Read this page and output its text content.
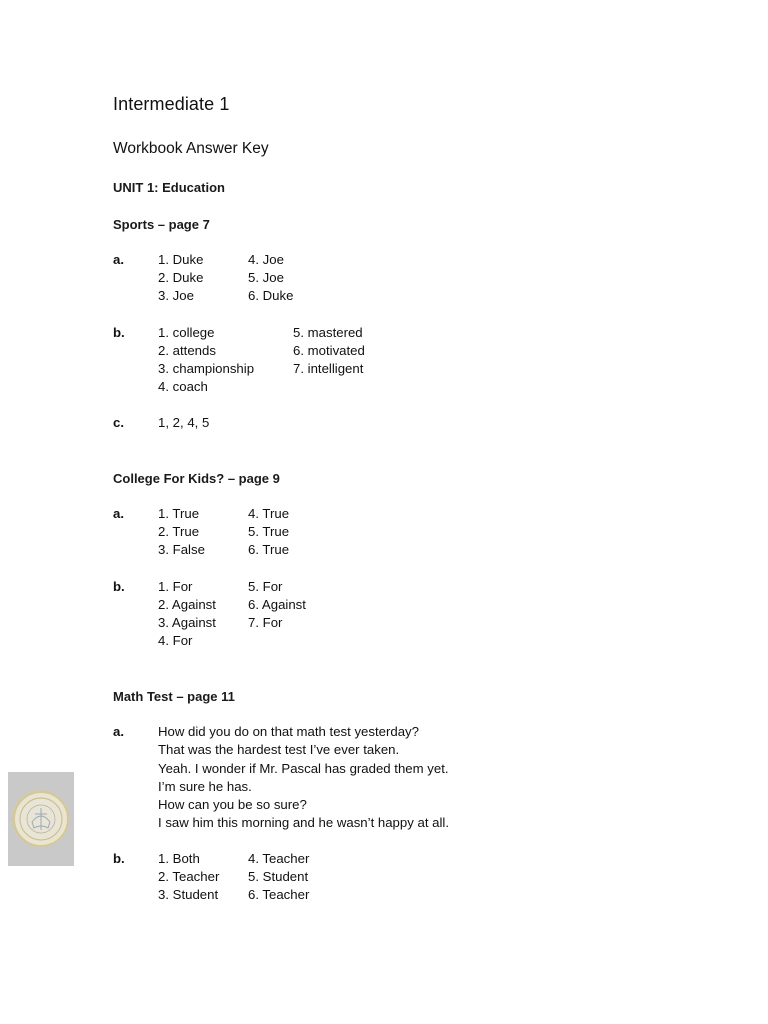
Intermediate 1
Workbook Answer Key
UNIT 1: Education
Sports – page 7
a.	1. Duke	4. Joe
2. Duke	5. Joe
3. Joe	6. Duke
b.	1. college	5. mastered
2. attends	6. motivated
3. championship	7. intelligent
4. coach
c.	1, 2, 4, 5
College For Kids? – page 9
a.	1. True	4. True
2. True	5. True
3. False	6. True
b.	1. For	5. For
2. Against 6. Against
3. Against 7. For
4. For
Math Test – page 11
a.	How did you do on that math test yesterday?
That was the hardest test I’ve ever taken.
Yeah. I wonder if Mr. Pascal has graded them yet.
I’m sure he has.
How can you be so sure?
I saw him this morning and he wasn’t happy at all.
b.	1. Both	4. Teacher
2. Teacher 5. Student
3. Student 6. Teacher
